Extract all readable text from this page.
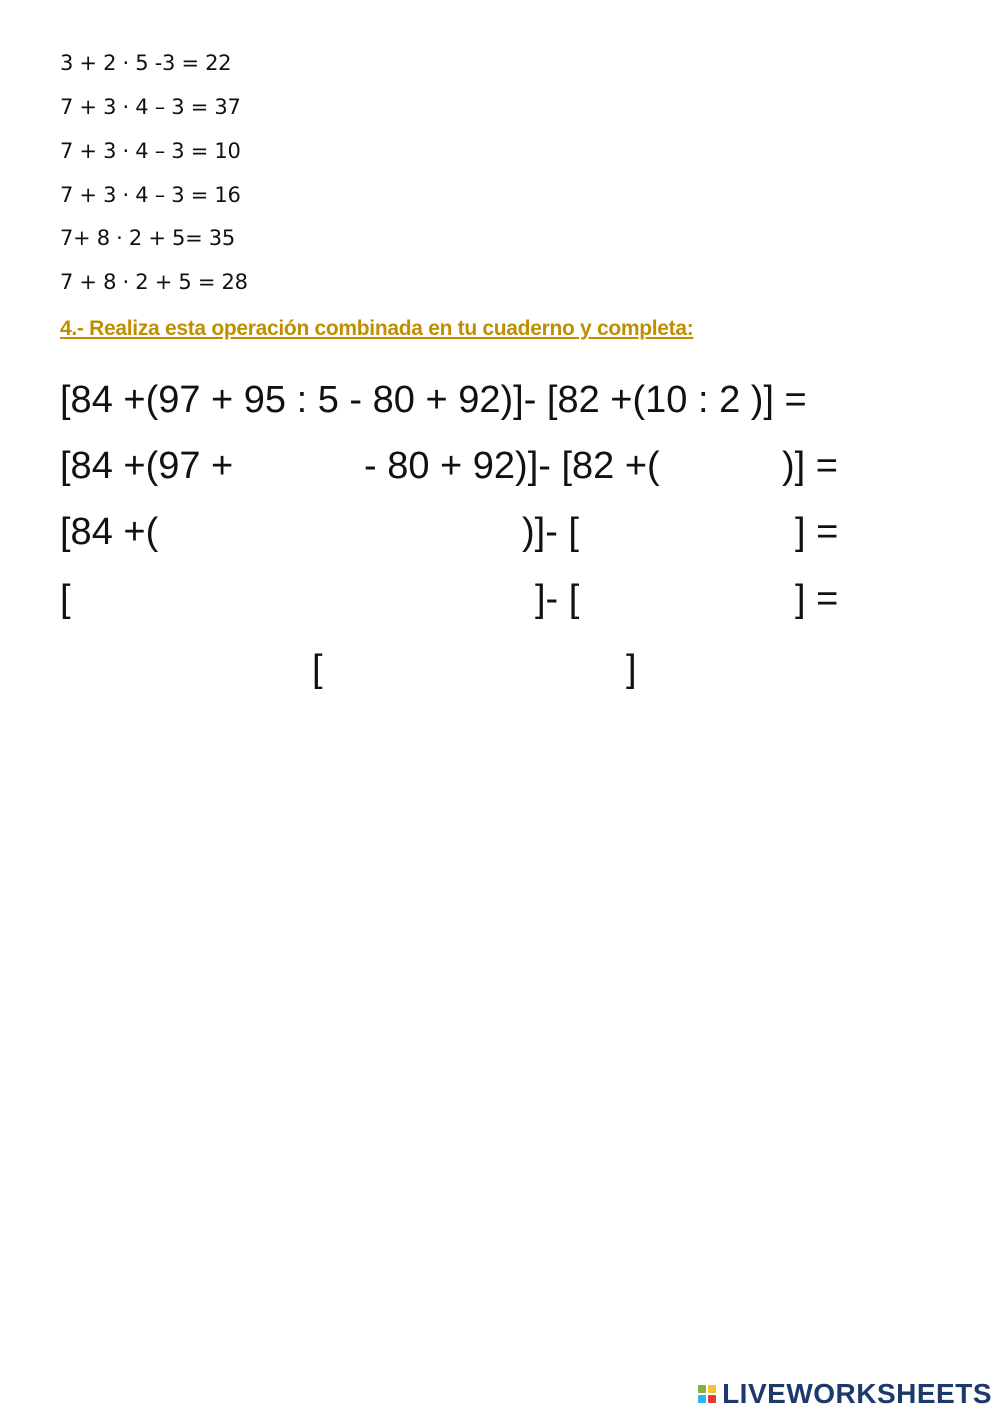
3 + 2 · 5 -3 = 22
7 + 3 · 4 – 3 = 37
7 + 3 · 4 – 3 = 10
7 + 3 · 4 – 3 = 16
7+ 8 · 2 + 5= 35
7 + 8 · 2 + 5 = 28
4.- Realiza esta operación combinada en tu cuaderno y completa:
[84 +(97 + 95 : 5 - 80 + 92)]- [82 +(10 : 2 )] =
[84 +(97 +	- 80 + 92)]- [82 +(	)] =
[84 +(	)]- [	] =
[	]- [	] =
[	]
LIVEWORKSHEETS
